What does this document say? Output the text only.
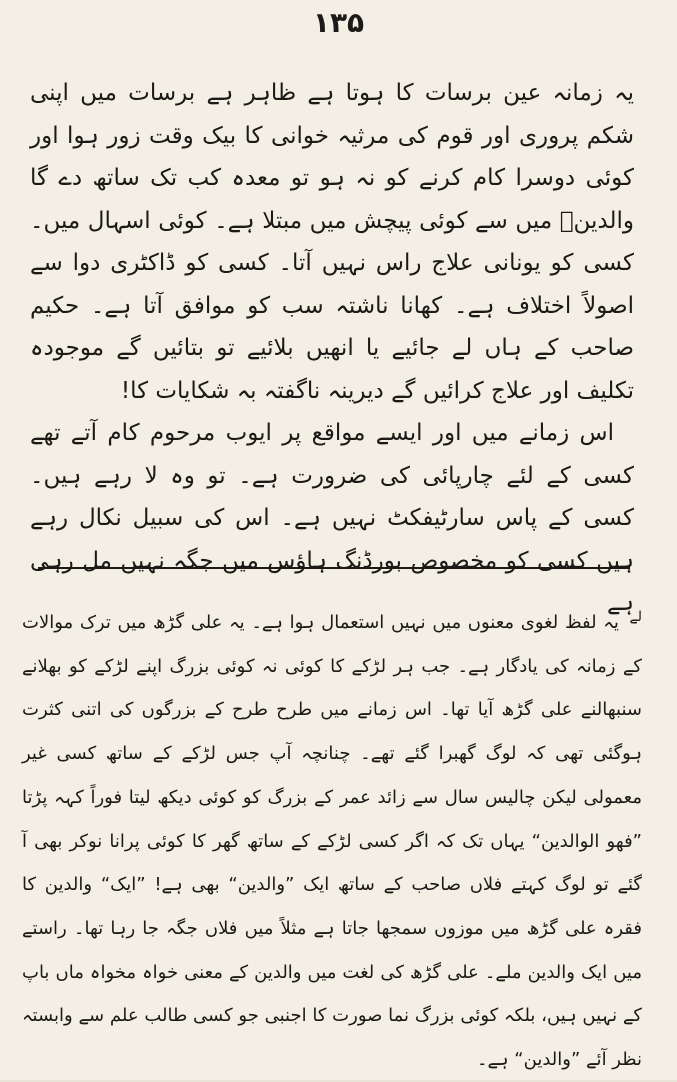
۱۳۵

یہ زمانہ عین برسات کا ہوتا ہے ظاہر ہے برسات میں اپنی شکم پروری اور قوم کی مرثیہ خوانی کا بیک وقت زور ہوا اور کوئی دوسرا کام کرنے کو نہ ہو تو معدہ کب تک ساتھ دے گا والدینؔ میں سے کوئی پیچش میں مبتلا ہے۔ کوئی اسہال میں۔ کسی کو یونانی علاج راس نہیں آتا۔ کسی کو ڈاکٹری دوا سے اصولاً اختلاف ہے۔ کھانا ناشتہ سب کو موافق آتا ہے۔ حکیم صاحب کے ہاں لے جائیے یا انھیں بلائیے تو بتائیں گے موجودہ تکلیف اور علاج کرائیں گے دیرینہ ناگفتہ بہ شکایات کا!

اس زمانے میں اور ایسے مواقع پر ایوب مرحوم کام آتے تھے کسی کے لئے چارپائی کی ضرورت ہے۔ تو وہ لا رہے ہیں۔ کسی کے پاس سارٹیفکٹ نہیں ہے۔ اس کی سبیل نکال رہے ہیں کسی کو مخصوص بورڈنگ ہاؤس میں جگہ نہیں مل رہی ہے

$^{لے}$ یہ لفظ لغوی معنوں میں نہیں استعمال ہوا ہے۔ یہ علی گڑھ میں ترک موالات کے زمانہ کی یادگار ہے۔ جب ہر لڑکے کا کوئی نہ کوئی بزرگ اپنے لڑکے کو بھلانے سنبھالنے علی گڑھ آیا تھا۔ اس زمانے میں طرح طرح کے بزرگوں کی اتنی کثرت ہوگئی تھی کہ لوگ گھبرا گئے تھے۔ چنانچہ آپ جس لڑکے کے ساتھ کسی غیر معمولی لیکن چالیس سال سے زائد عمر کے بزرگ کو کوئی دیکھ لیتا فوراً کہہ پڑتا ”فھو الوالدین“ یہاں تک کہ اگر کسی لڑکے کے ساتھ گھر کا کوئی پرانا نوکر بھی آ گئے تو لوگ کہتے فلاں صاحب کے ساتھ ایک ”والدین“ بھی ہے! ”ایک“ والدین کا فقرہ علی گڑھ میں موزوں سمجھا جاتا ہے مثلاً میں فلاں جگہ جا رہا تھا۔ راستے میں ایک والدین ملے۔ علی گڑھ کی لغت میں والدین کے معنی خواہ مخواہ ماں باپ کے نہیں ہیں، بلکہ کوئی بزرگ نما صورت کا اجنبی جو کسی طالب علم سے وابستہ نظر آئے ”والدین“ ہے۔
